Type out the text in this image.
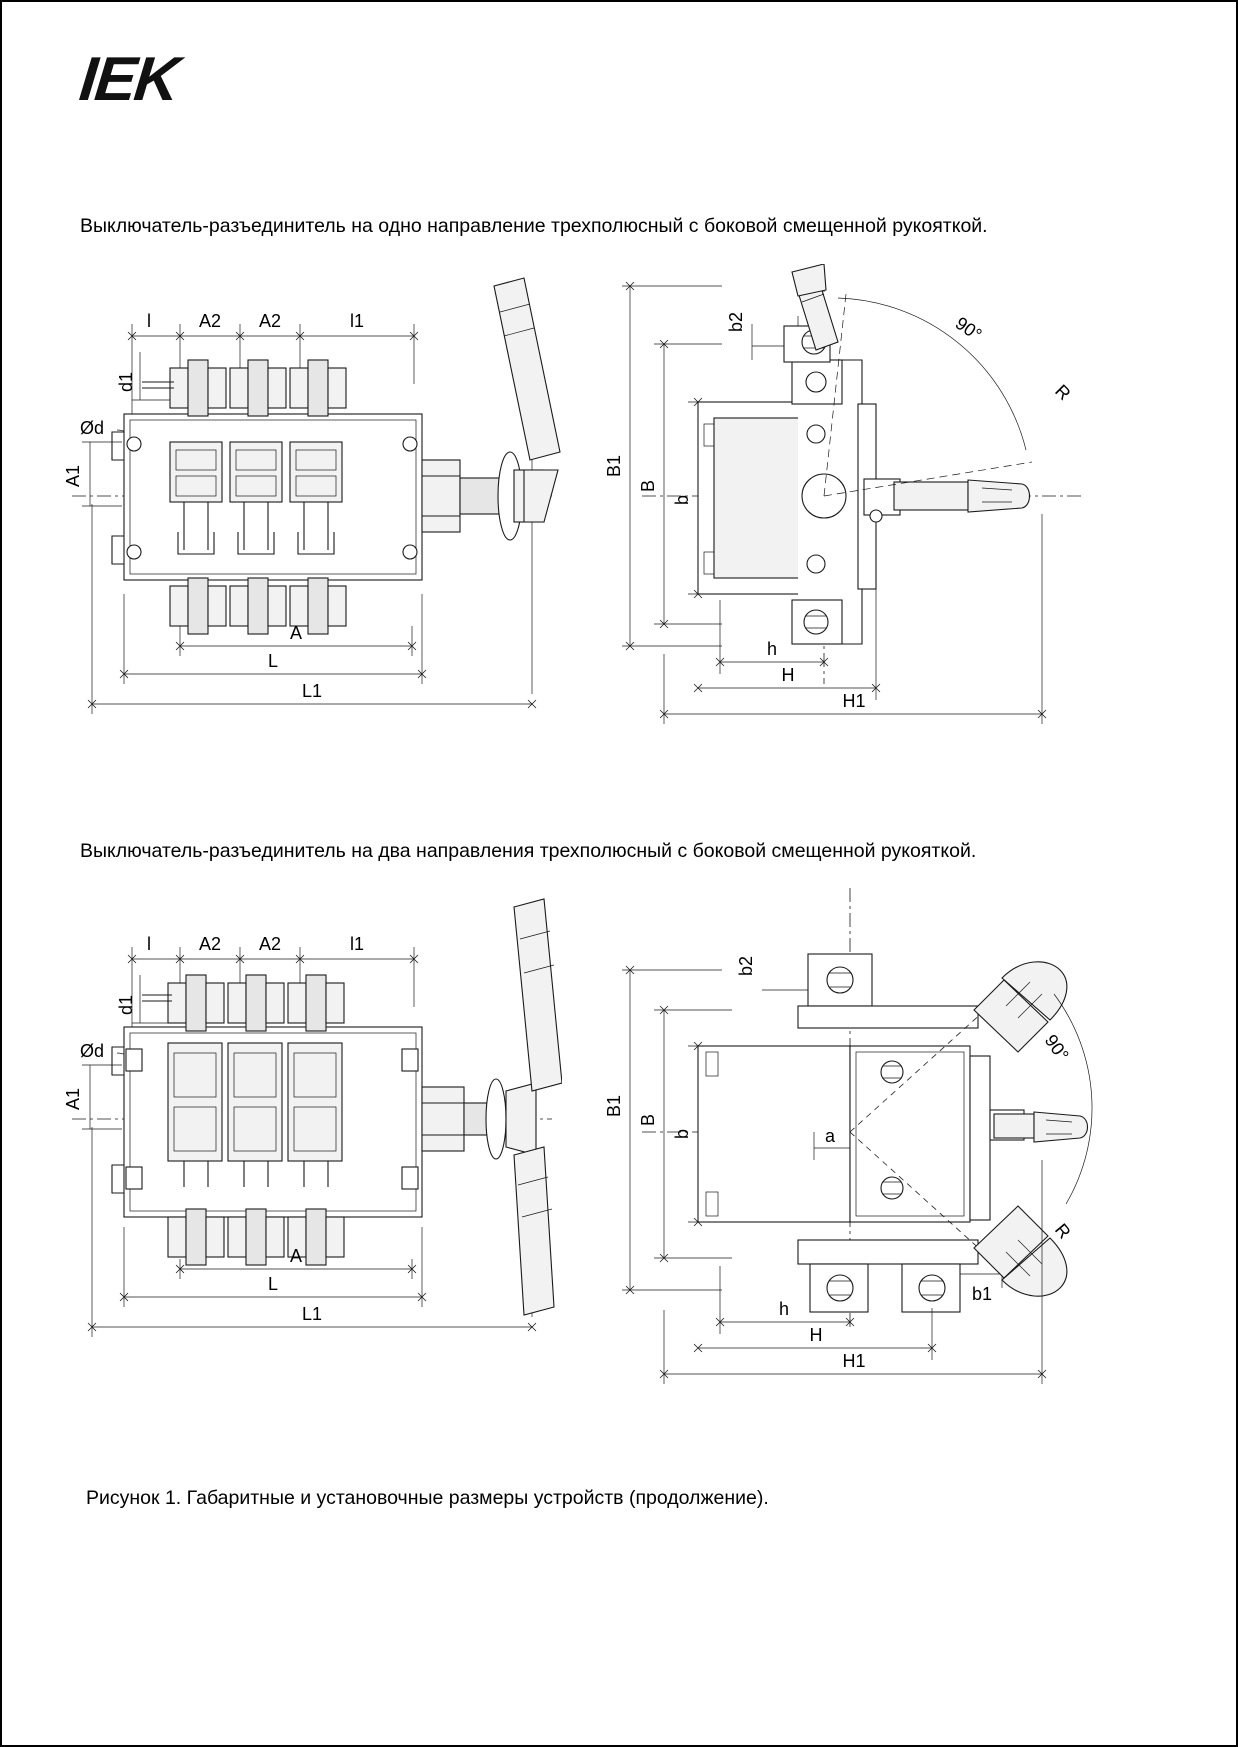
IEK
Выключатель-разъединитель на одно направление трехполюсный с боковой смещенной рукояткой.
l	A2 A2	l1
d1
Ød
A1
A
L
L1
B1
B
b
b2	90°
R
h
H
H1
Выключатель-разъединитель на два направления трехполюсный с боковой смещенной рукояткой.
l	A2 A2	l1
d1
Ød
A1
A
L
L1
B1
B
b
b2
a
b1
90°
R
h
H
H1
Рисунок 1. Габаритные и установочные размеры устройств (продолжение).
